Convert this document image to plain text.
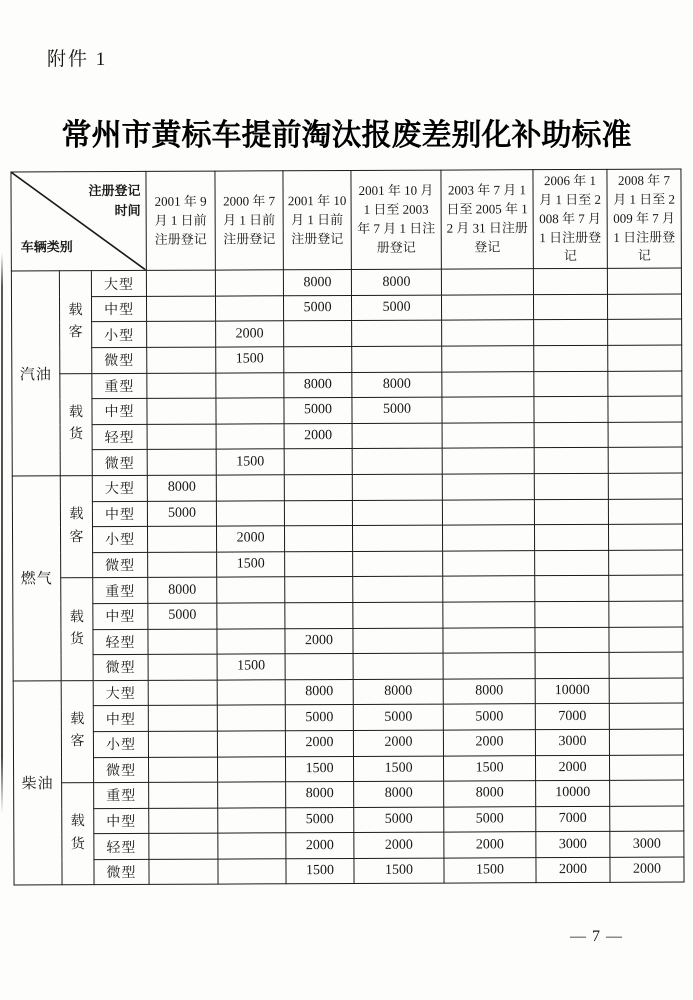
附件 1
常州市黄标车提前淘汰报废差别化补助标准
注册登记时间
车辆类别			2001 年 9 月 1 日前注册登记	2000 年 7 月 1 日前注册登记	2001 年 10 月 1 日前注册登记	2001 年 10 月 1 日至 2003 年 7 月 1 日注册登记	2003 年 7 月 1 日至 2005 年 12 月 31 日注册登记	2006 年 1 月 1 日至 2008 年 7 月 1 日注册登记	2008 年 7 月 1 日至 2009 年 7 月 1 日注册登记
汽油	载客	大型			8000	8000			
		中型			5000	5000			
		小型		2000					
		微型		1500					
	载货	重型			8000	8000			
		中型			5000	5000			
		轻型			2000				
		微型		1500					
燃气	载客	大型	8000						
		中型	5000						
		小型		2000					
		微型		1500					
	载货	重型	8000						
		中型	5000						
		轻型			2000				
		微型		1500					
柴油	载客	大型			8000	8000	8000	10000	
		中型			5000	5000	5000	7000	
		小型			2000	2000	2000	3000	
		微型			1500	1500	1500	2000	
	载货	重型			8000	8000	8000	10000	
		中型			5000	5000	5000	7000	
		轻型			2000	2000	2000	3000	3000
		微型			1500	1500	1500	2000	2000
— 7 —
